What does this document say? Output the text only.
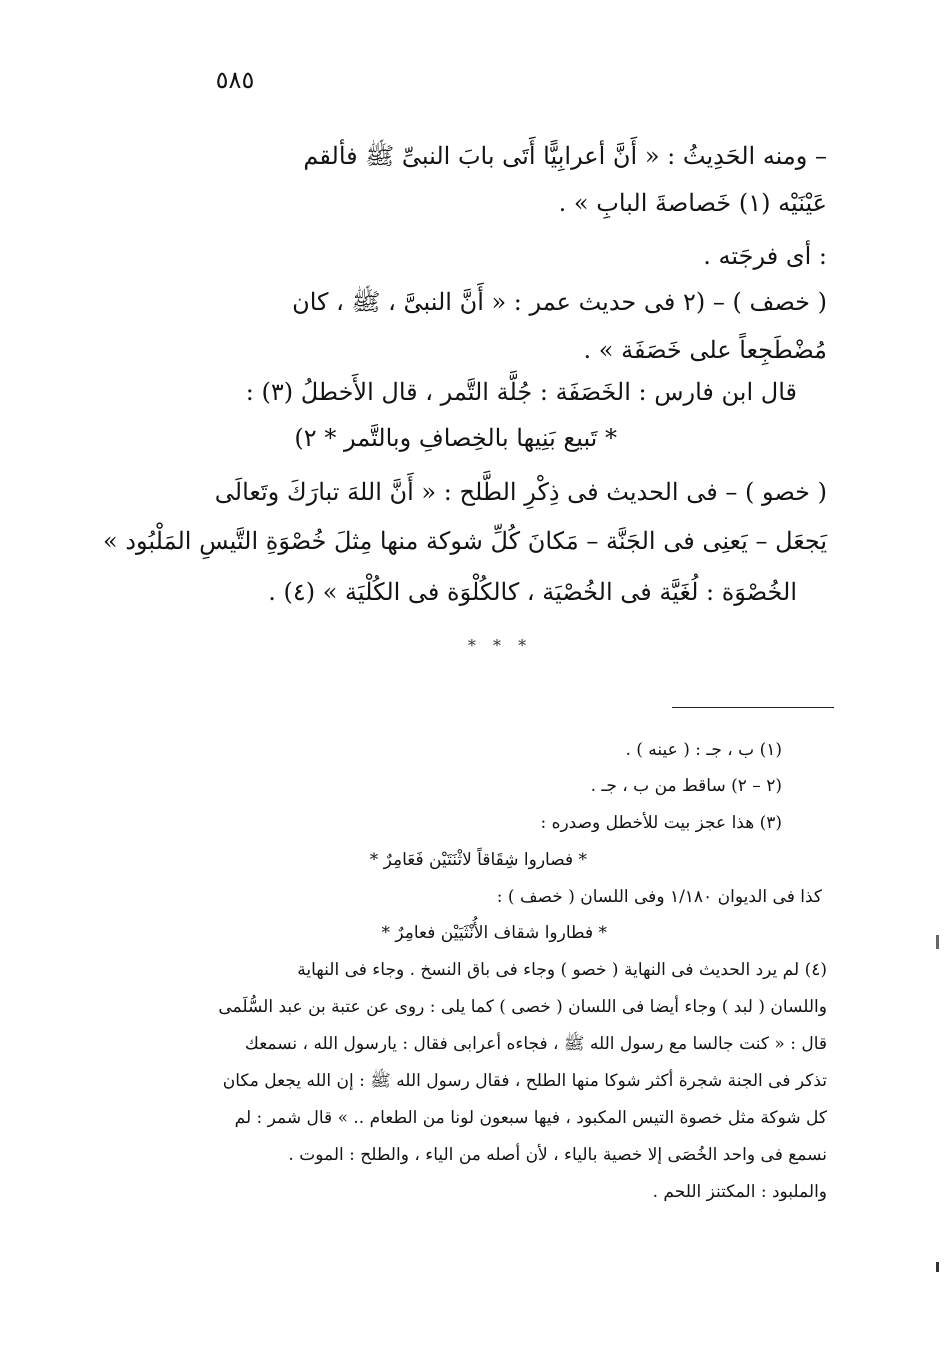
٥٨٥
– ومنه الحَدِيثُ : « أَنَّ أعرابِيًّا أَتَى بابَ النبىِّ ﷺ فألقم
عَيْنَيْه (١) خَصاصةَ البابِ » .
: أى فرجَته .
( خصف ) – (٢ فى حديث عمر : « أَنَّ النبىَّ ، ﷺ ، كان
مُضْطَجِعاً على خَصَفَة » .
قال ابن فارس : الخَصَفَة : جُلَّة التَّمر ، قال الأَخطلُ (٣) :
* تَبيع بَنِيها بالخِصافِ وبالتَّمر * ٢)
( خصو ) – فى الحديث فى ذِكْرِ الطَّلح : « أَنَّ اللهَ تبارَكَ وتَعالَى
يَجعَل – يَعنِى فى الجَنَّة – مَكانَ كُلِّ شوكة منها مِثلَ خُصْوَةِ التَّيسِ المَلْبُود »
الخُصْوَة : لُغَيَّة فى الخُصْيَة ، كالكُلْوَة فى الكُلْيَة » (٤) .
* * *
(١) ب ، جـ : ( عينه ) .
(٢ – ٢) ساقط من ب ، جـ .
(٣) هذا عجز بيت للأخطل وصدره :
* فصاروا شِقَاقاً لاثْنَتَيْن فَعَامِرٌ *
كذا فى الديوان ١/١٨٠ وفى اللسان ( خصف ) :
* فطاروا شقاف الأُنْثَيَيْن فعامِرٌ *
(٤) لم يرد الحديث فى النهاية ( خصو ) وجاء فى باق النسخ . وجاء فى النهاية
واللسان ( لبد ) وجاء أيضا فى اللسان ( خصى ) كما يلى : روى عن عتبة بن عبد السُّلَمى
قال : « كنت جالسا مع رسول الله ﷺ ، فجاءه أعرابى فقال : يارسول الله ، نسمعك
تذكر فى الجنة شجرة أكثر شوكا منها الطلح ، فقال رسول الله ﷺ : إن الله يجعل مكان
كل شوكة مثل خصوة التيس المكبود ، فيها سبعون لونا من الطعام .. » قال شمر : لم
نسمع فى واحد الخُصَى إلا خصية بالياء ، لأن أصله من الياء ، والطلح : الموت .
والملبود : المكتنز اللحم .
